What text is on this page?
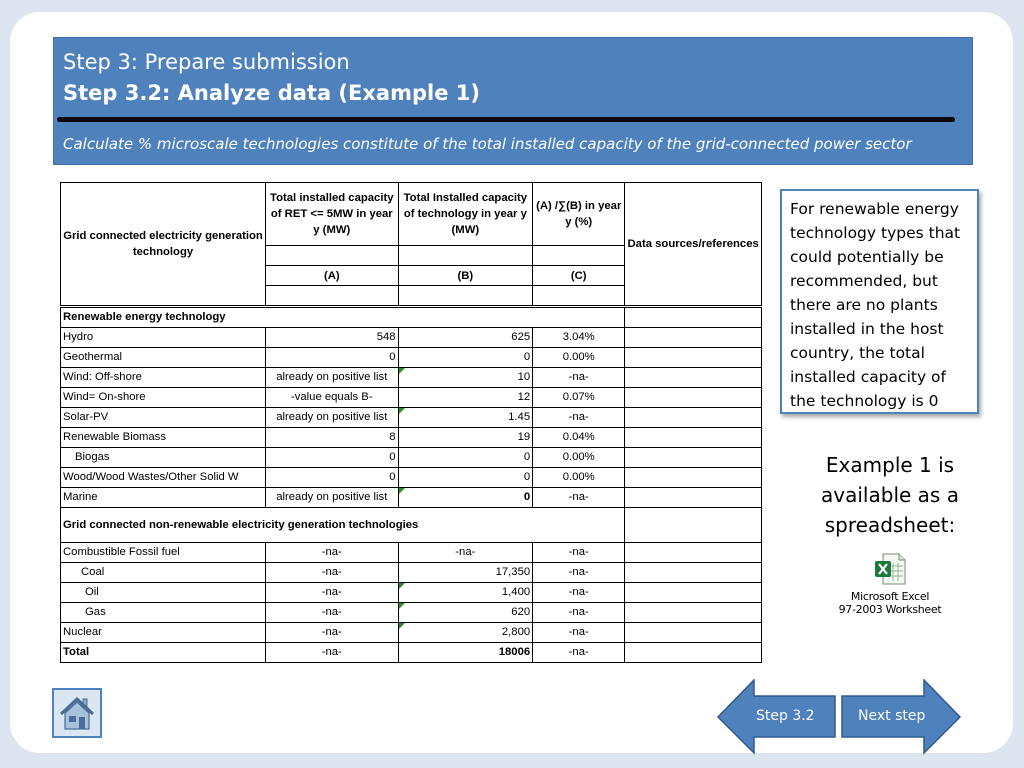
Step 3: Prepare submission
Step 3.2: Analyze data (Example 1)
Calculate % microscale technologies constitute of the total installed capacity of the grid-connected power sector
Grid connected electricity generation technology	Total installed capacity of RET <= 5MW in year y (MW)	Total Installed capacity of technology in year y (MW)	(A) /∑(B) in year y (%)	Data sources/references

	(A)	(B)	(C)	

Renewable energy technology				
Hydro	548	625	3.04%	
Geothermal	0	0	0.00%	
Wind: Off-shore	already on positive list	10	-na-	
Wind= On-shore	-value equals B-	12	0.07%	
Solar-PV	already on positive list	1.45	-na-	
Renewable Biomass	8	19	0.04%	
Biogas	0	0	0.00%	
Wood/Wood Wastes/Other Solid W	0	0	0.00%	
Marine	already on positive list	0	-na-	
Grid connected non-renewable electricity generation technologies				
Combustible Fossil fuel	-na-	-na-	-na-	
Coal	-na-	17,350	-na-	
Oil	-na-	1,400	-na-	
Gas	-na-	620	-na-	
Nuclear	-na-	2,800	-na-	
Total	-na-	18006	-na-	
For renewable energy technology types that could potentially be recommended, but there are no plants installed in the host country, the total installed capacity of the technology is 0
Example 1 is available as a spreadsheet:
Microsoft Excel
97-2003 Worksheet
Step 3.2	Next step
